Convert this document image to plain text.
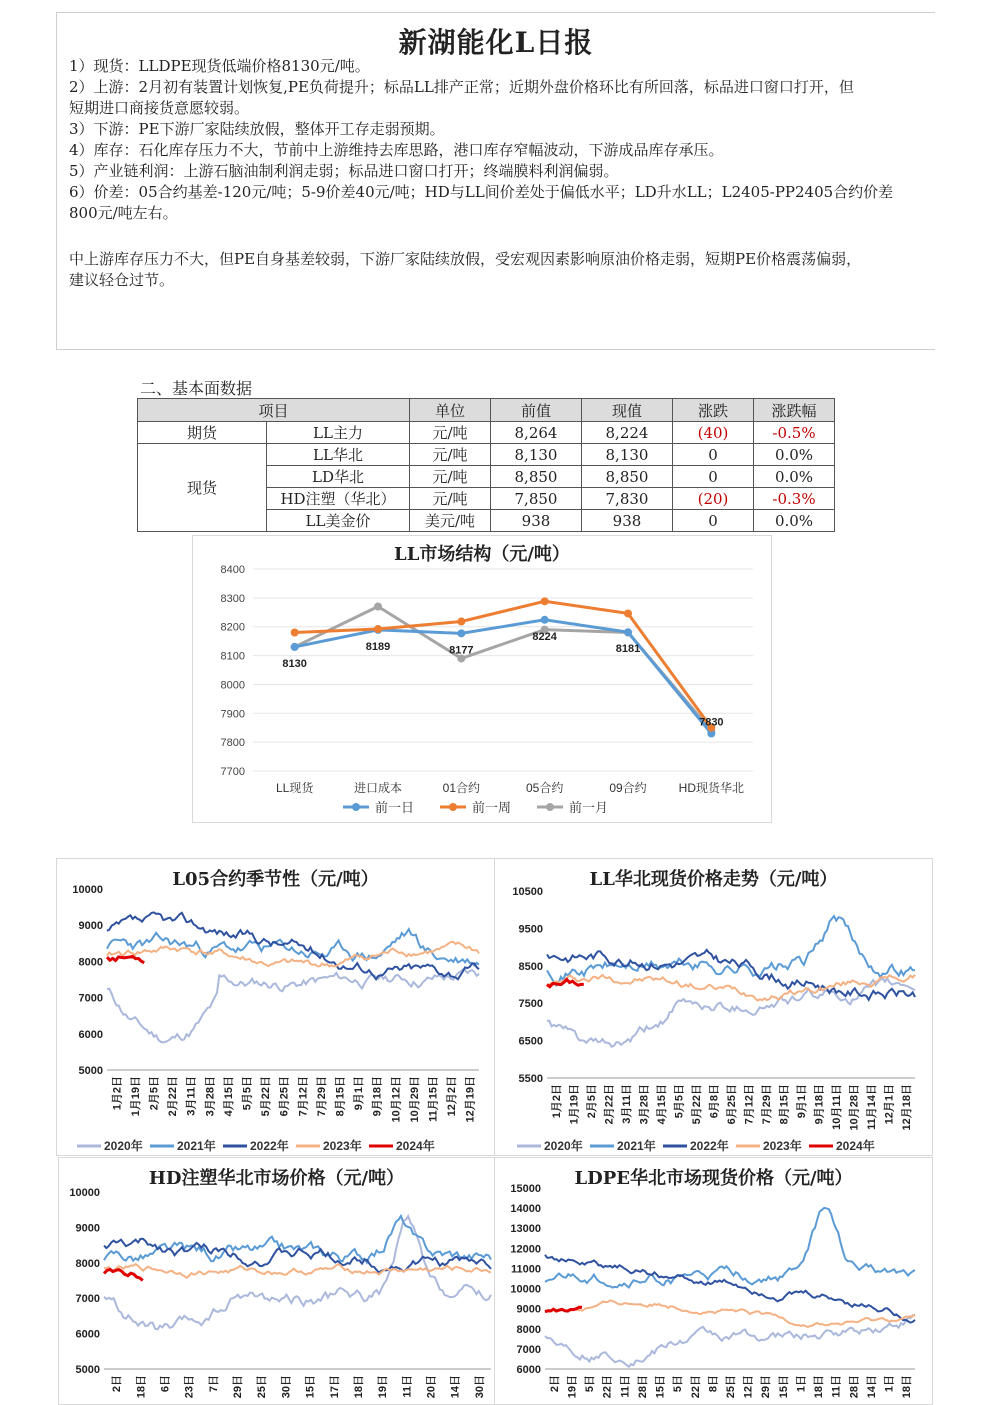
新湖能化L日报
1）现货：LLDPE现货低端价格8130元/吨。
2）上游：2月初有装置计划恢复,PE负荷提升；标品LL排产正常；近期外盘价格环比有所回落，标品进口窗口打开，但
短期进口商接货意愿较弱。
3）下游：PE下游厂家陆续放假，整体开工存走弱预期。
4）库存：石化库存压力不大，节前中上游维持去库思路，港口库存窄幅波动，下游成品库存承压。
5）产业链利润：上游石脑油制利润走弱；标品进口窗口打开；终端膜料利润偏弱。
6）价差：05合约基差-120元/吨；5-9价差40元/吨；HD与LL间价差处于偏低水平；LD升水LL；L2405-PP2405合约价差
800元/吨左右。
中上游库存压力不大，但PE自身基差较弱，下游厂家陆续放假，受宏观因素影响原油价格走弱，短期PE价格震荡偏弱，
建议轻仓过节。
二、基本面数据
项目		单位	前值	现值	涨跌	涨跌幅
期货	LL主力	元/吨	8,264	8,224	(40)	-0.5%
现货	LL华北	元/吨	8,130	8,130	0	0.0%
	LD华北	元/吨	8,850	8,850	0	0.0%
	HD注塑（华北）	元/吨	7,850	7,830	(20)	-0.3%
	LL美金价	美元/吨	938	938	0	0.0%
LL市场结构（元/吨）
8400
8300
8200
8100
8000
7900
7800
7700
LL现货	进口成本	01合约	05合约	09合约	HD现货华北
8130
8189	8177
8224
8181
7830
前一日	前一周	前一月
L05合约季节性（元/吨）
10000
9000
8000
7000
6000
5000
1月2日 1月19日 2月5日 2月22日 3月11日 3月28日 4月15日 5月5日 5月22日 6月25日 7月12日 7月29日 8月15日 9月1日 9月18日 10月12日 10月29日 11月15日 12月2日 12月19日
2020年	2021年	2022年	2023年	2024年
LL华北现货价格走势（元/吨）
10500
9500
8500
7500
6500
5500
1月2日 1月19日 2月5日 2月22日 3月11日 3月28日 4月15日 5月5日 5月22日 6月8日 6月25日 7月12日 7月29日 8月15日 9月1日 9月18日 10月11日 10月28日 11月14日 12月1日 12月18日
2020年	2021年	2022年	2023年	2024年
HD注塑华北市场价格（元/吨）
10000
9000
8000
7000
6000
5000
2日 18日 6日 23日 7日 29日 25日 30日 15日 17日 18日 19日 11日 20日 14日 30日
LDPE华北市场现货价格（元/吨）
15000
14000
13000
12000
11000
10000
9000
8000
7000
6000
2日 19日 5日 22日 11日 28日 15日 5日 22日 8日 25日 12日 29日 15日 1日 18日 11日 28日 14日 1日 18日
